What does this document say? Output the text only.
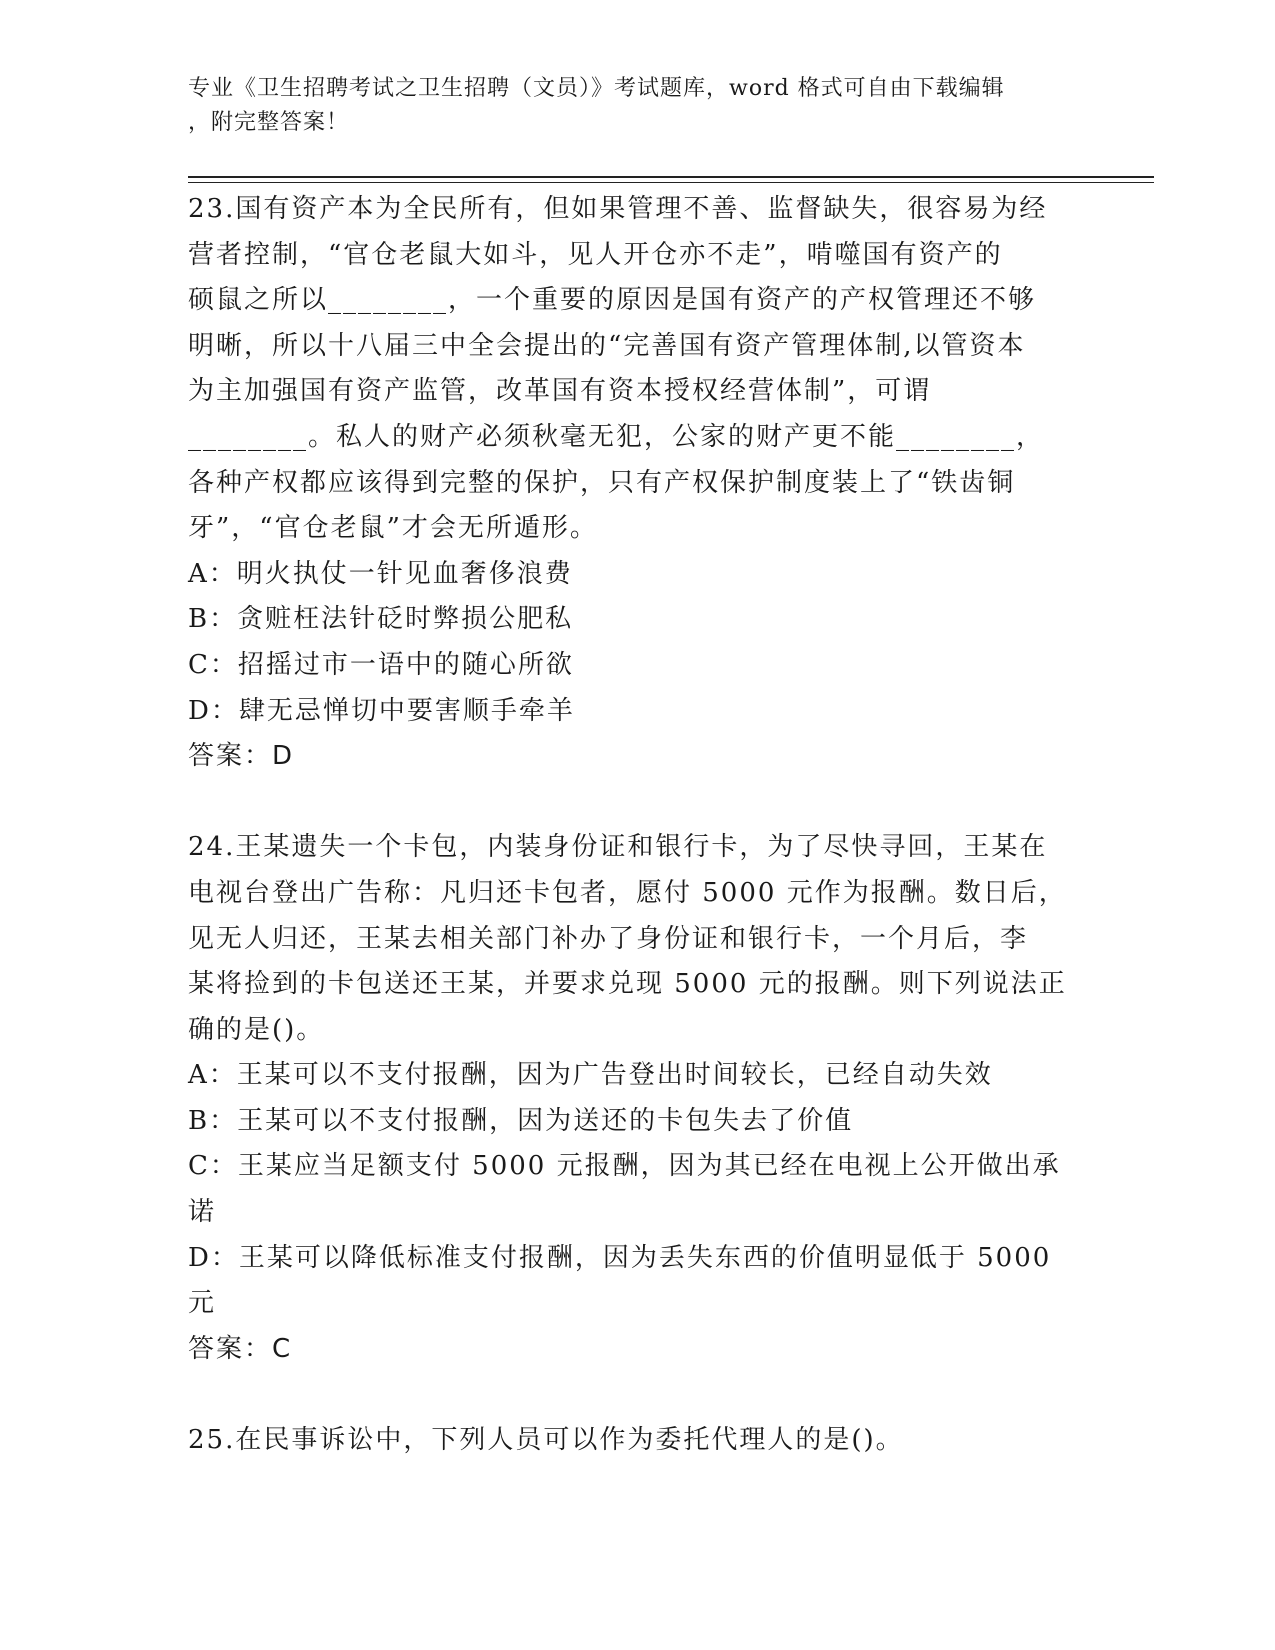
专业《卫生招聘考试之卫生招聘（文员）》考试题库，word 格式可自由下载编辑
，附完整答案！
23.国有资产本为全民所有，但如果管理不善、监督缺失，很容易为经
营者控制，“官仓老鼠大如斗，见人开仓亦不走”，啃噬国有资产的
硕鼠之所以________，一个重要的原因是国有资产的产权管理还不够
明晰，所以十八届三中全会提出的“完善国有资产管理体制,以管资本
为主加强国有资产监管，改革国有资本授权经营体制”，可谓
________。私人的财产必须秋毫无犯，公家的财产更不能________，
各种产权都应该得到完整的保护，只有产权保护制度装上了“铁齿铜
牙”，“官仓老鼠”才会无所遁形。
A：明火执仗一针见血奢侈浪费
B：贪赃枉法针砭时弊损公肥私
C：招摇过市一语中的随心所欲
D：肆无忌惮切中要害顺手牵羊
答案：D
24.王某遗失一个卡包，内装身份证和银行卡，为了尽快寻回，王某在
电视台登出广告称：凡归还卡包者，愿付 5000 元作为报酬。数日后，
见无人归还，王某去相关部门补办了身份证和银行卡，一个月后，李
某将捡到的卡包送还王某，并要求兑现 5000 元的报酬。则下列说法正
确的是()。
A：王某可以不支付报酬，因为广告登出时间较长，已经自动失效
B：王某可以不支付报酬，因为送还的卡包失去了价值
C：王某应当足额支付 5000 元报酬，因为其已经在电视上公开做出承
诺
D：王某可以降低标准支付报酬，因为丢失东西的价值明显低于 5000
元
答案：C
25.在民事诉讼中，下列人员可以作为委托代理人的是()。
